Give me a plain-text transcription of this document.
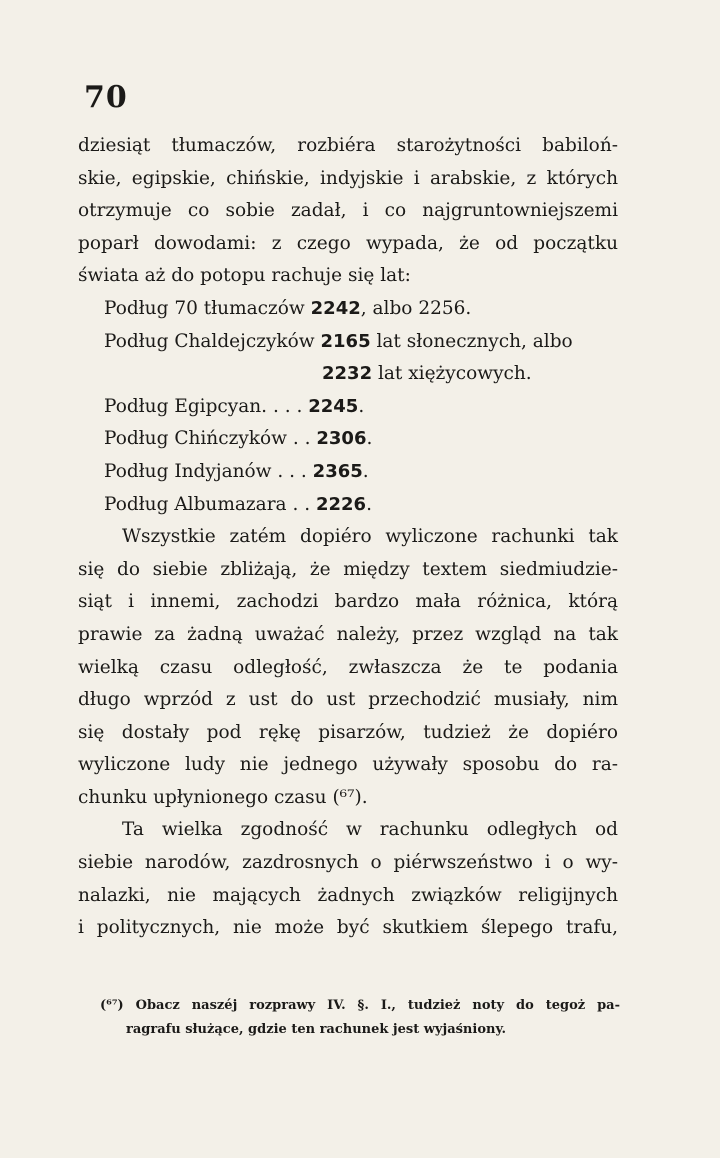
70
dziesiąt tłumaczów, rozbiéra starożytności babiloń-
skie, egipskie, chińskie, indyjskie i arabskie, z których
otrzymuje co sobie zadał, i co najgruntowniejszemi
poparł dowodami: z czego wypada, że od początku
świata aż do potopu rachuje się lat:
Podług 70 tłumaczów 2242, albo 2256.
Podług Chaldejczyków 2165 lat słonecznych, albo
2232 lat xiężycowych.
Podług Egipcyan. . . . 2245.
Podług Chińczyków . . 2306.
Podług Indyjanów . . . 2365.
Podług Albumazara . . 2226.
Wszystkie zatém dopiéro wyliczone rachunki tak
się do siebie zbliżają, że między textem siedmiudzie-
siąt i innemi, zachodzi bardzo mała różnica, którą
prawie za żadną uważać należy, przez wzgląd na tak
wielką czasu odległość, zwłaszcza że te podania
długo wprzód z ust do ust przechodzić musiały, nim
się dostały pod rękę pisarzów, tudzież że dopiéro
wyliczone ludy nie jednego używały sposobu do ra-
chunku upłynionego czasu (⁶⁷).
Ta wielka zgodność w rachunku odległych od
siebie narodów, zazdrosnych o piérwszeństwo i o wy-
nalazki, nie mających żadnych związków religijnych
i politycznych, nie może być skutkiem ślepego trafu,
(⁶⁷) Obacz naszéj rozprawy IV. §. I., tudzież noty do tegoż pa-
ragrafu służące, gdzie ten rachunek jest wyjaśniony.
